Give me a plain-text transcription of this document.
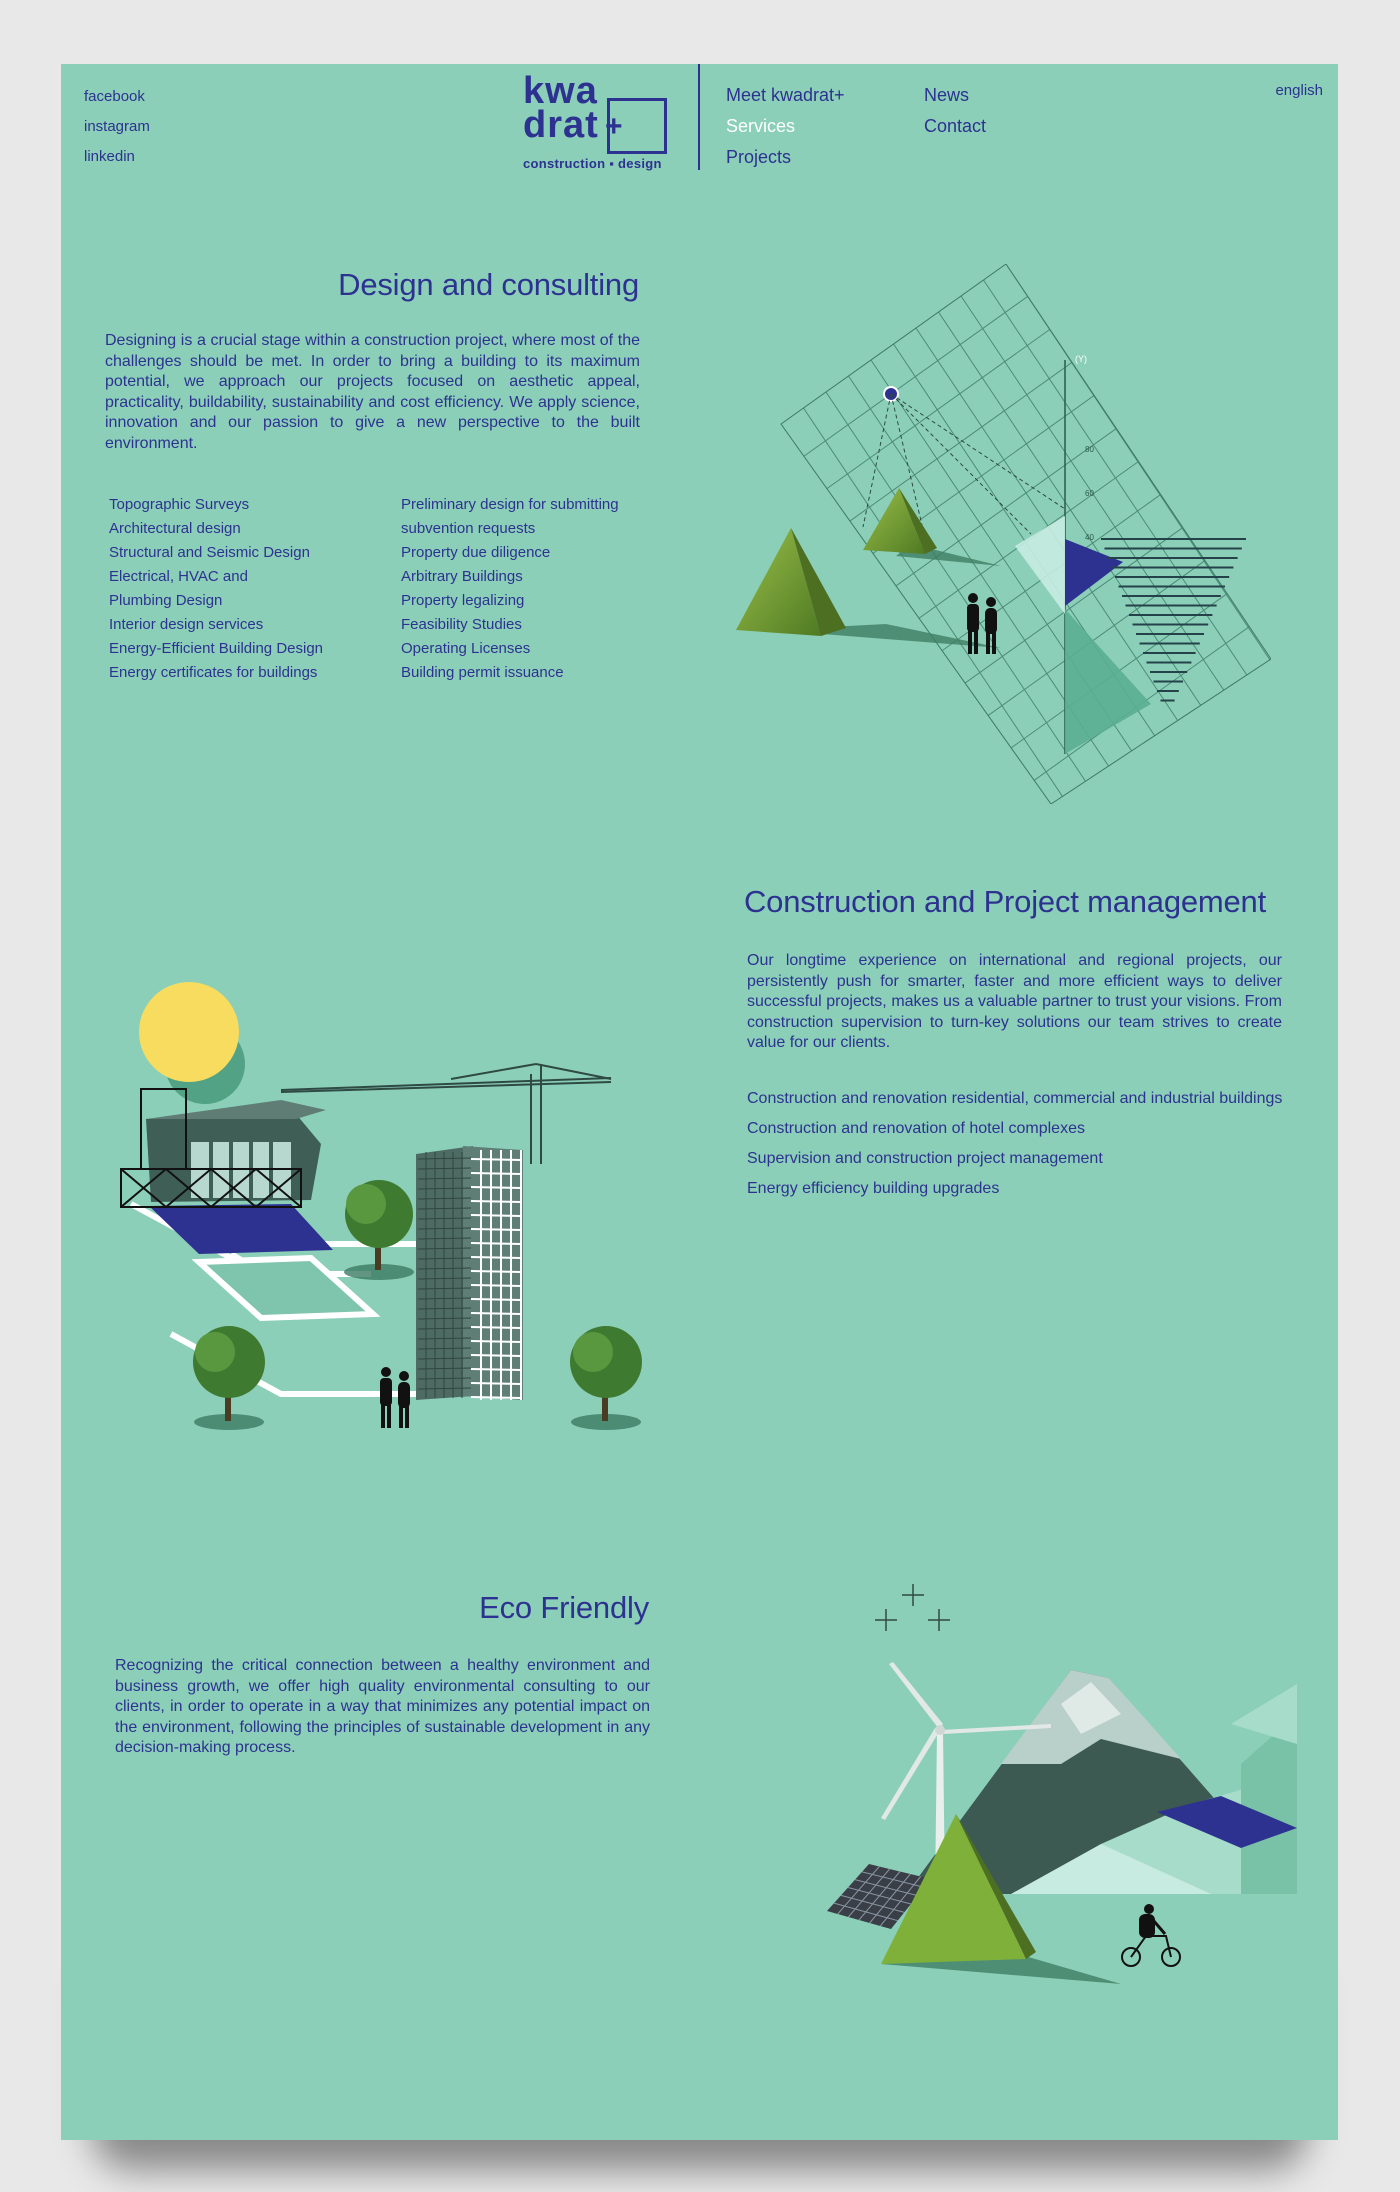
facebook
instagram
linkedin
kwa
drat +
construction ▪ design
Meet kwadrat+
Services
Projects
News
Contact
english
Design and consulting

Designing is a crucial stage within a construction project, where most of the challenges should be met. In order to bring a building to its maximum potential, we approach our projects focused on aesthetic appeal, practicality, buildability, sustainability and cost efficiency. We apply science, innovation and our passion to give a new perspective to the built environment.

Topographic Surveys
Architectural design
Structural and Seismic Design
Electrical, HVAC and
Plumbing Design
Interior design services
Energy-Efficient Building Design
Energy certificates for buildings
Preliminary design for submitting
subvention requests
Property due diligence
Arbitrary Buildings
Property legalizing
Feasibility Studies
Operating Licenses
Building permit issuance
(Y)
80
60
40
Construction and Project management

Our longtime experience on international and regional projects, our persistently push for smarter, faster and more efficient ways to deliver successful projects, makes us a valuable partner to trust your visions. From construction supervision to turn-key solutions our team strives to create value for our clients.

Construction and renovation residential, commercial and industrial buildings
Construction and renovation of hotel complexes
Supervision and construction project management
Energy efficiency building upgrades
Eco Friendly

Recognizing the critical connection between a healthy environment and business growth, we offer high quality environmental consulting to our clients, in order to operate in a way that minimizes any potential impact on the environment, following the principles of sustainable development in any decision-making process.
